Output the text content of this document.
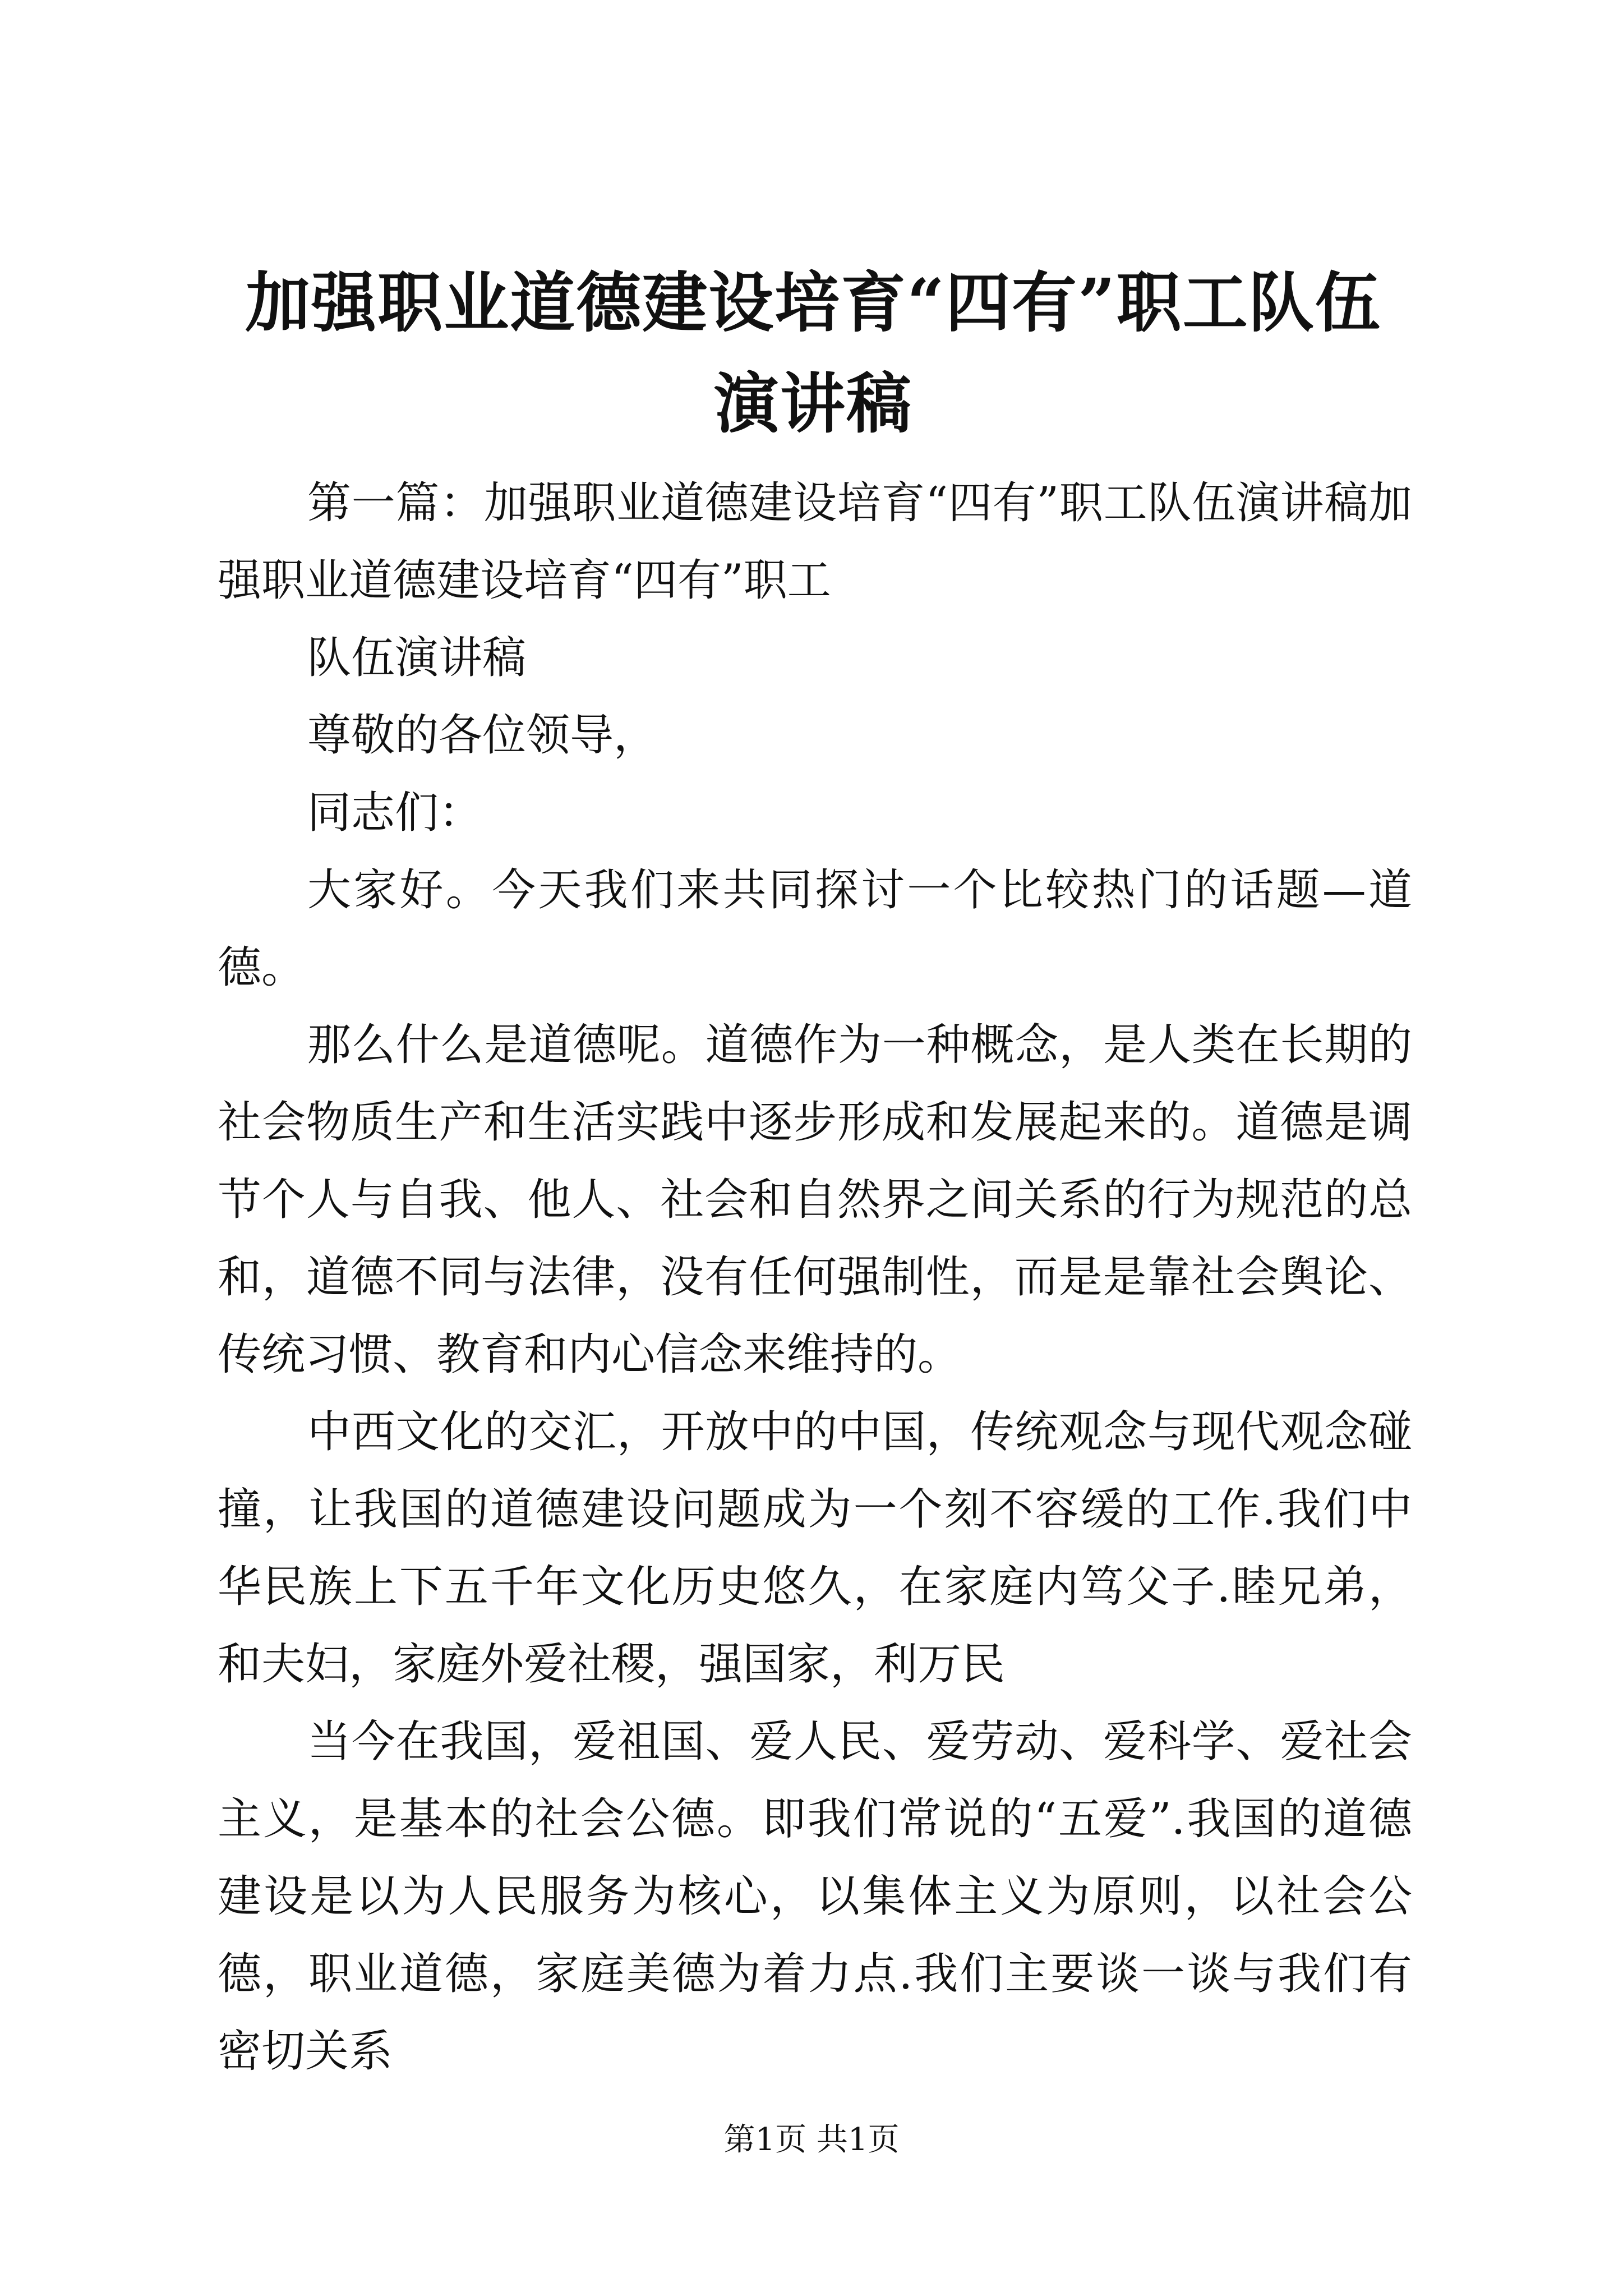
加强职业道德建设培育“四有”职工队伍演讲稿

第一篇：加强职业道德建设培育“四有”职工队伍演讲稿加强职业道德建设培育“四有”职工

队伍演讲稿

尊敬的各位领导，

同志们：

大家好。今天我们来共同探讨一个比较热门的话题—道德。

那么什么是道德呢。道德作为一种概念，是人类在长期的社会物质生产和生活实践中逐步形成和发展起来的。道德是调节个人与自我、他人、社会和自然界之间关系的行为规范的总和，道德不同与法律，没有任何强制性，而是是靠社会舆论、传统习惯、教育和内心信念来维持的。

中西文化的交汇，开放中的中国，传统观念与现代观念碰撞，让我国的道德建设问题成为一个刻不容缓的工作.我们中华民族上下五千年文化历史悠久，在家庭内笃父子.睦兄弟，和夫妇，家庭外爱社稷，强国家，利万民

当今在我国，爱祖国、爱人民、爱劳动、爱科学、爱社会主义，是基本的社会公德。即我们常说的“五爱”.我国的道德建设是以为人民服务为核心，以集体主义为原则，以社会公德，职业道德，家庭美德为着力点.我们主要谈一谈与我们有密切关系

第1页 共1页
